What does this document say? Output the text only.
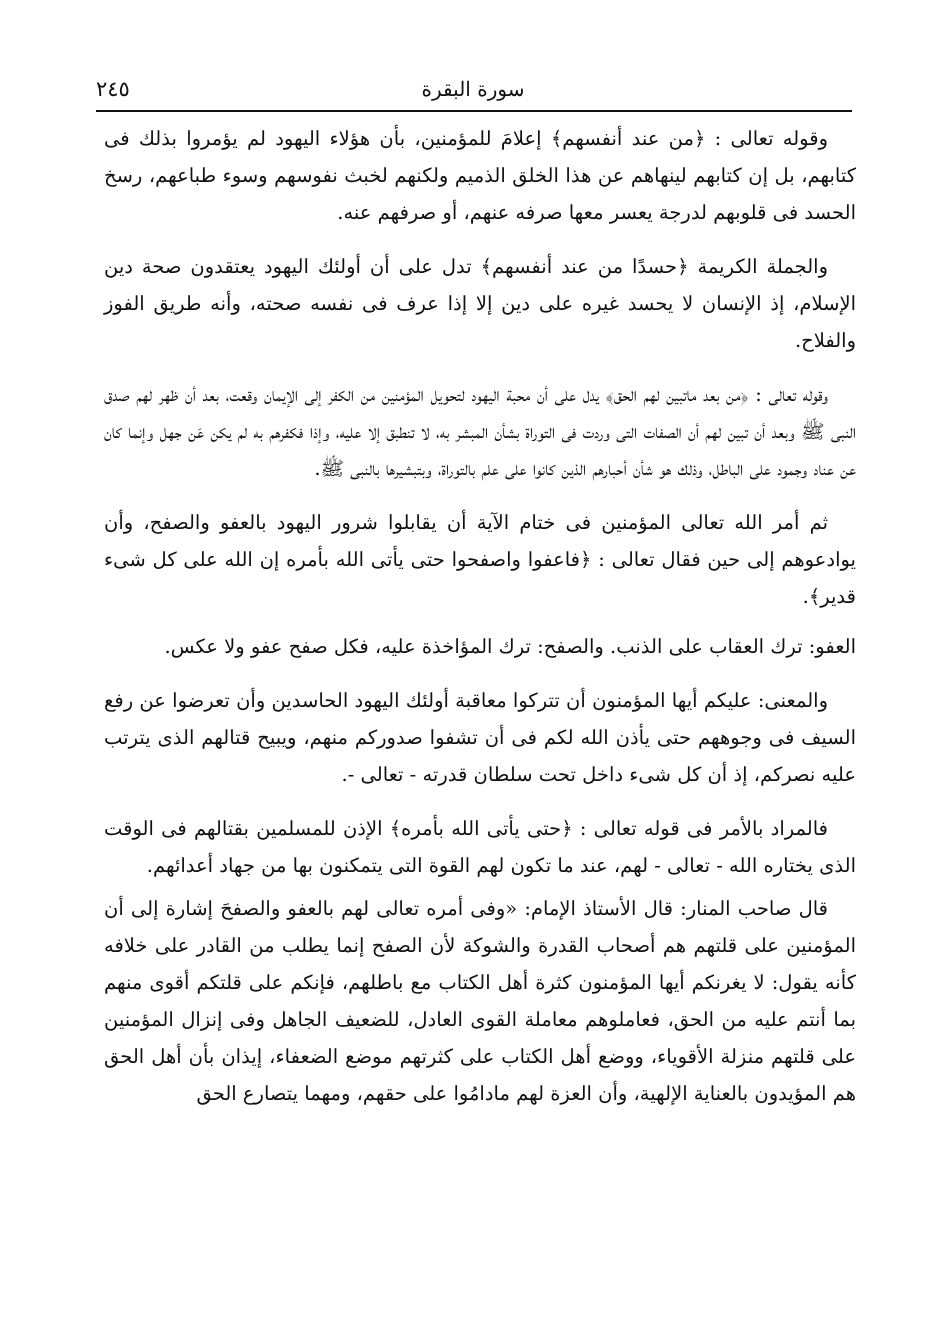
سورة البقرة
٢٤٥

وقوله تعالى : ﴿من عند أنفسهم﴾ إعلامَ للمؤمنين، بأن هؤلاء اليهود لم يؤمروا بذلك فى كتابهم، بل إن كتابهم لينهاهم عن هذا الخلق الذميم ولكنهم لخبث نفوسهم وسوء طباعهم، رسخ الحسد فى قلوبهم لدرجة يعسر معها صرفه عنهم، أو صرفهم عنه.

والجملة الكريمة ﴿حسدًا من عند أنفسهم﴾ تدل على أن أولئك اليهود يعتقدون صحة دين الإسلام، إذ الإنسان لا يحسد غيره على دين إلا إذا عرف فى نفسه صحته، وأنه طريق الفوز والفلاح.

وقوله تعالى : ﴿من بعد ماتبين لهم الحق﴾ يدل على أن محبة اليهود لتحويل المؤمنين من الكفر إلى الإيمان وقعت، بعد أن ظهر لهم صدق النبى ﷺ وبعد أن تبين لهم أن الصفات التى وردت فى التوراة بشأن المبشر به، لا تنطبق إلا عليه، وإذا فكفرهم به لم يكن عَن جهل وإنما كان عن عناد وجمود على الباطل، وذلك هو شأن أحبارهم الذين كانوا على علم بالتوراة، وبتبشيرها بالنبى ﷺ.

ثم أمر الله تعالى المؤمنين فى ختام الآية أن يقابلوا شرور اليهود بالعفو والصفح، وأن يوادعوهم إلى حين فقال تعالى : ﴿فاعفوا واصفحوا حتى يأتى الله بأمره إن الله على كل شىء قدير﴾.

العفو: ترك العقاب على الذنب. والصفح: ترك المؤاخذة عليه، فكل صفح عفو ولا عكس.

والمعنى: عليكم أيها المؤمنون أن تتركوا معاقبة أولئك اليهود الحاسدين وأن تعرضوا عن رفع السيف فى وجوههم حتى يأذن الله لكم فى أن تشفوا صدوركم منهم، ويبيح قتالهم الذى يترتب عليه نصركم، إذ أن كل شىء داخل تحت سلطان قدرته - تعالى -.

فالمراد بالأمر فى قوله تعالى : ﴿حتى يأتى الله بأمره﴾ الإذن للمسلمين بقتالهم فى الوقت الذى يختاره الله - تعالى - لهم، عند ما تكون لهم القوة التى يتمكنون بها من جهاد أعدائهم.

قال صاحب المنار: قال الأستاذ الإمام: «وفى أمره تعالى لهم بالعفو والصفحَ إشارة إلى أن المؤمنين على قلتهم هم أصحاب القدرة والشوكة لأن الصفح إنما يطلب من القادر على خلافه كأنه يقول: لا يغرنكم أيها المؤمنون كثرة أهل الكتاب مع باطلهم، فإنكم على قلتكم أقوى منهم بما أنتم عليه من الحق، فعاملوهم معاملة القوى العادل، للضعيف الجاهل وفى إنزال المؤمنين على قلتهم منزلة الأقوياء، ووضع أهل الكتاب على كثرتهم موضع الضعفاء، إيذان بأن أهل الحق هم المؤيدون بالعناية الإلهية، وأن العزة لهم مادامُوا على حقهم، ومهما يتصارع الحق
